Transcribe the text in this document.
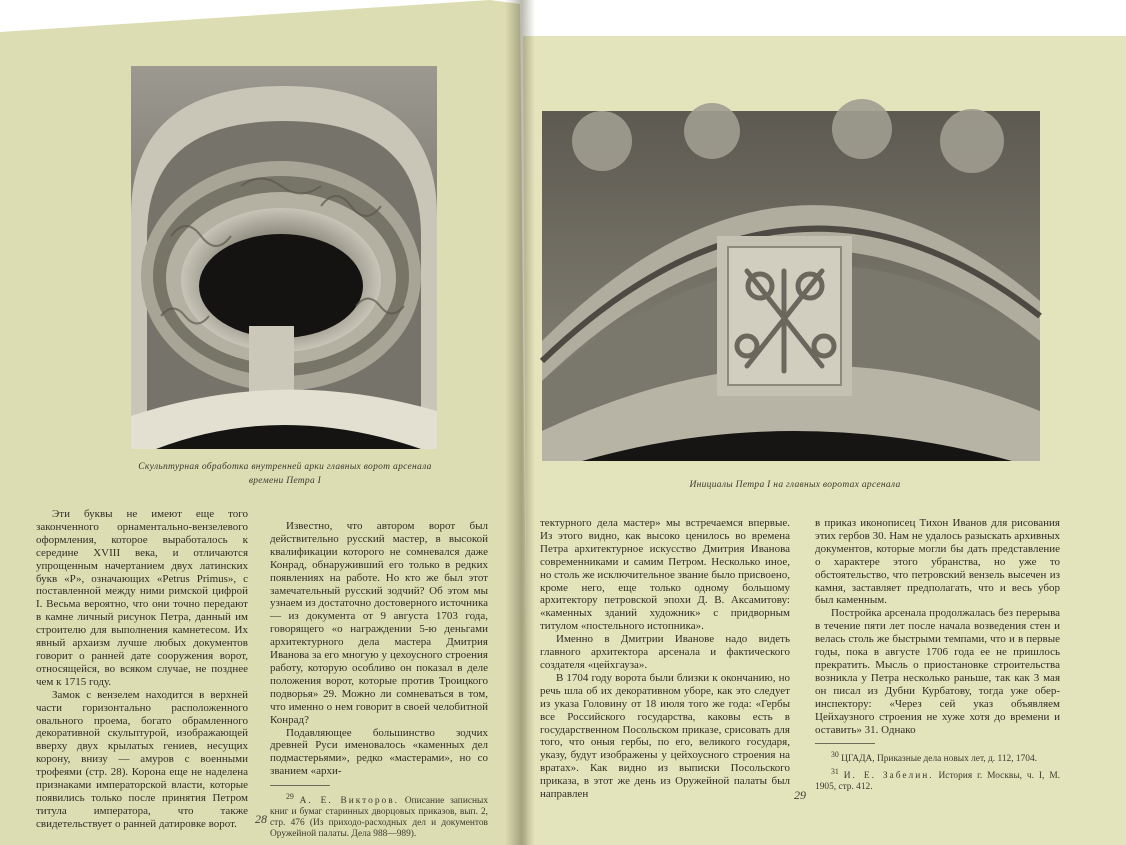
Скульптурная обработка внутренней арки главных ворот арсенала времени Петра I

Эти буквы не имеют еще того законченного орнаментально-вензелевого оформления, которое выработалось к середине XVIII века, и отличаются упрощенным начертанием двух латинских букв «Р», означающих «Petrus Primus», с поставленной между ними римской цифрой I. Весьма вероятно, что они точно передают в камне личный рисунок Петра, данный им строителю для выполнения камнетесом. Их явный архаизм лучше любых документов говорит о ранней дате сооружения ворот, относящейся, во всяком случае, не позднее чем к 1715 году.

Замок с вензелем находится в верхней части горизонтально расположенного овального проема, богато обрамленного декоративной скульптурой, изображающей вверху двух крылатых гениев, несущих корону, внизу — амуров с военными трофеями (стр. 28). Корона еще не наделена признаками императорской власти, которые появились только после принятия Петром титула императора, что также свидетельствует о ранней датировке ворот.

Известно, что автором ворот был действительно русский мастер, в высокой квалификации которого не сомневался даже Конрад, обнаруживший его только в редких появлениях на работе. Но кто же был этот замечательный русский зодчий? Об этом мы узнаем из достаточно достоверного источника — из документа от 9 августа 1703 года, говорящего «о награждении 5-ю деньгами архитектурного дела мастера Дмитрия Иванова за его многую у цехоусного строения работу, которую особливо он показал в деле положения ворот, которые против Троицкого подворья» 29. Можно ли сомневаться в том, что именно о нем говорит в своей челобитной Конрад?

Подавляющее большинство зодчих древней Руси именовалось «каменных дел подмастерьями», редко «мастерами», но со званием «архи-

$^{29}$ А. Е. Викторов. Описание записных книг и бумаг старинных дворцовых приказов, вып. 2, стр. 476 (Из приходо-расходных дел и документов Оружейной палаты. Дела 988—989).

28
Инициалы Петра I на главных воротах арсенала

тектурного дела мастер» мы встречаемся впервые. Из этого видно, как высоко ценилось во времена Петра архитектурное искусство Дмитрия Иванова современниками и самим Петром. Несколько иное, но столь же исключительное звание было присвоено, кроме него, еще только одному большому архитектору петровской эпохи Д. В. Аксамитову: «каменных зданий художник» с придворным титулом «постельного истопника».

Именно в Дмитрии Иванове надо видеть главного архитектора арсенала и фактического создателя «цейхгауза».

В 1704 году ворота были близки к окончанию, но речь шла об их декоративном уборе, как это следует из указа Головину от 18 июля того же года: «Гербы все Российского государства, каковы есть в государственном Посольском приказе, срисовать для того, что оныя гербы, по его, великого государя, указу, будут изображены у цейхоусного строения на вратах». Как видно из выписки Посольского приказа, в этот же день из Оружейной палаты был направлен

в приказ иконописец Тихон Иванов для рисования этих гербов 30. Нам не удалось разыскать архивных документов, которые могли бы дать представление о характере этого убранства, но уже то обстоятельство, что петровский вензель высечен из камня, заставляет предполагать, что и весь убор был каменным.

Постройка арсенала продолжалась без перерыва в течение пяти лет после начала возведения стен и велась столь же быстрыми темпами, что и в первые годы, пока в августе 1706 года ее не пришлось прекратить. Мысль о приостановке строительства возникла у Петра несколько раньше, так как 3 мая он писал из Дубни Курбатову, тогда уже обер-инспектору: «Через сей указ объявляем Цейхаузного строения не хуже хотя до времени и оставить» 31. Однако

$^{30}$ ЦГАДА, Приказные дела новых лет, д. 112, 1704.

$^{31}$ И. Е. Забелин. История г. Москвы, ч. I, М. 1905, стр. 412.

29
